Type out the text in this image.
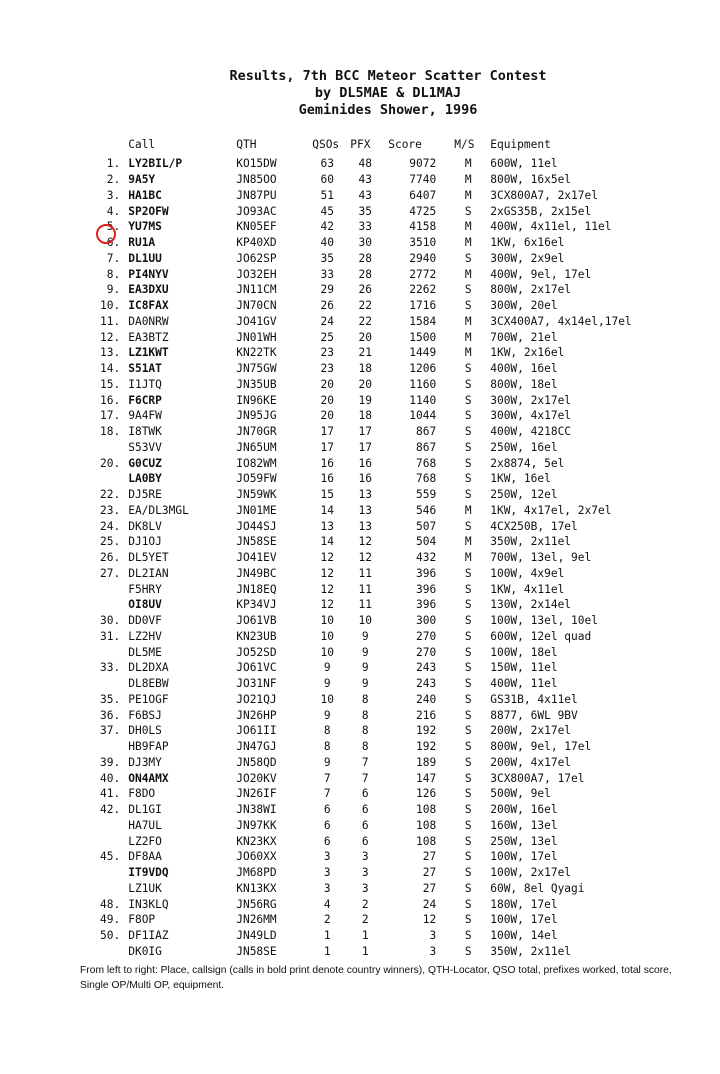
Results, 7th BCC Meteor Scatter Contest
by DL5MAE & DL1MAJ
Geminides Shower, 1996
	Call	QTH	QSOs	PFX	Score	M/S	Equipment
1.	LY2BIL/P	KO15DW	63	48	9072	M	600W, 11el
2.	9A5Y	JN85OO	60	43	7740	M	800W, 16x5el
3.	HA1BC	JN87PU	51	43	6407	M	3CX800A7, 2x17el
4.	SP2OFW	JO93AC	45	35	4725	S	2xGS35B, 2x15el
5.	YU7MS	KN05EF	42	33	4158	M	400W, 4x11el, 11el
6.	RU1A	KP40XD	40	30	3510	M	1KW, 6x16el
7.	DL1UU	JO62SP	35	28	2940	S	300W, 2x9el
8.	PI4NYV	JO32EH	33	28	2772	M	400W, 9el, 17el
9.	EA3DXU	JN11CM	29	26	2262	S	800W, 2x17el
10.	IC8FAX	JN70CN	26	22	1716	S	300W, 20el
11.	DA0NRW	JO41GV	24	22	1584	M	3CX400A7, 4x14el,17el
12.	EA3BTZ	JN01WH	25	20	1500	M	700W, 21el
13.	LZ1KWT	KN22TK	23	21	1449	M	1KW, 2x16el
14.	S51AT	JN75GW	23	18	1206	S	400W, 16el
15.	I1JTQ	JN35UB	20	20	1160	S	800W, 18el
16.	F6CRP	IN96KE	20	19	1140	S	300W, 2x17el
17.	9A4FW	JN95JG	20	18	1044	S	300W, 4x17el
18.	I8TWK	JN70GR	17	17	867	S	400W, 4218CC
	S53VV	JN65UM	17	17	867	S	250W, 16el
20.	G0CUZ	IO82WM	16	16	768	S	2x8874, 5el
	LA0BY	JO59FW	16	16	768	S	1KW, 16el
22.	DJ5RE	JN59WK	15	13	559	S	250W, 12el
23.	EA/DL3MGL	JN01ME	14	13	546	M	1KW, 4x17el, 2x7el
24.	DK8LV	JO44SJ	13	13	507	S	4CX250B, 17el
25.	DJ1OJ	JN58SE	14	12	504	M	350W, 2x11el
26.	DL5YET	JO41EV	12	12	432	M	700W, 13el, 9el
27.	DL2IAN	JN49BC	12	11	396	S	100W, 4x9el
	F5HRY	JN18EQ	12	11	396	S	1KW, 4x11el
	OI8UV	KP34VJ	12	11	396	S	130W, 2x14el
30.	DD0VF	JO61VB	10	10	300	S	100W, 13el, 10el
31.	LZ2HV	KN23UB	10	9	270	S	600W, 12el quad
	DL5ME	JO52SD	10	9	270	S	100W, 18el
33.	DL2DXA	JO61VC	9	9	243	S	150W, 11el
	DL8EBW	JO31NF	9	9	243	S	400W, 11el
35.	PE1OGF	JO21QJ	10	8	240	S	GS31B, 4x11el
36.	F6BSJ	JN26HP	9	8	216	S	8877, 6WL 9BV
37.	DH0LS	JO61II	8	8	192	S	200W, 2x17el
	HB9FAP	JN47GJ	8	8	192	S	800W, 9el, 17el
39.	DJ3MY	JN58QD	9	7	189	S	200W, 4x17el
40.	ON4AMX	JO20KV	7	7	147	S	3CX800A7, 17el
41.	F8DO	JN26IF	7	6	126	S	500W, 9el
42.	DL1GI	JN38WI	6	6	108	S	200W, 16el
	HA7UL	JN97KK	6	6	108	S	160W, 13el
	LZ2FO	KN23KX	6	6	108	S	250W, 13el
45.	DF8AA	JO60XX	3	3	27	S	100W, 17el
	IT9VDQ	JM68PD	3	3	27	S	100W, 2x17el
	LZ1UK	KN13KX	3	3	27	S	60W, 8el Qyagi
48.	IN3KLQ	JN56RG	4	2	24	S	180W, 17el
49.	F8OP	JN26MM	2	2	12	S	100W, 17el
50.	DF1IAZ	JN49LD	1	1	3	S	100W, 14el
	DK0IG	JN58SE	1	1	3	S	350W, 2x11el

From left to right: Place, callsign (calls in bold print denote country winners), QTH-Locator, QSO total, prefixes worked, total score, Single OP/Multi OP, equipment.
